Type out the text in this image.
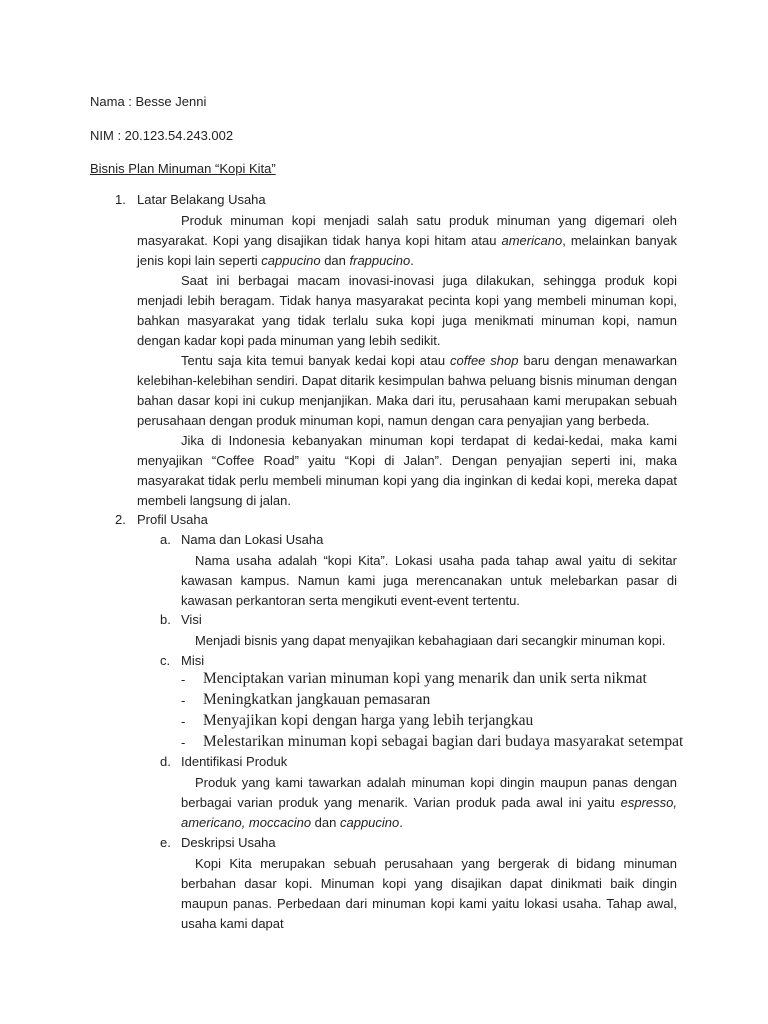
Nama : Besse Jenni
NIM : 20.123.54.243.002
Bisnis Plan Minuman “Kopi Kita”
1. Latar Belakang Usaha

Produk minuman kopi menjadi salah satu produk minuman yang digemari oleh masyarakat. Kopi yang disajikan tidak hanya kopi hitam atau americano, melainkan banyak jenis kopi lain seperti cappucino dan frappucino.

Saat ini berbagai macam inovasi-inovasi juga dilakukan, sehingga produk kopi menjadi lebih beragam. Tidak hanya masyarakat pecinta kopi yang membeli minuman kopi, bahkan masyarakat yang tidak terlalu suka kopi juga menikmati minuman kopi, namun dengan kadar kopi pada minuman yang lebih sedikit.

Tentu saja kita temui banyak kedai kopi atau coffee shop baru dengan menawarkan kelebihan-kelebihan sendiri. Dapat ditarik kesimpulan bahwa peluang bisnis minuman dengan bahan dasar kopi ini cukup menjanjikan. Maka dari itu, perusahaan kami merupakan sebuah perusahaan dengan produk minuman kopi, namun dengan cara penyajian yang berbeda.

Jika di Indonesia kebanyakan minuman kopi terdapat di kedai-kedai, maka kami menyajikan “Coffee Road” yaitu “Kopi di Jalan”. Dengan penyajian seperti ini, maka masyarakat tidak perlu membeli minuman kopi yang dia inginkan di kedai kopi, mereka dapat membeli langsung di jalan.

2. Profil Usaha
a. Nama dan Lokasi Usaha

Nama usaha adalah “kopi Kita”. Lokasi usaha pada tahap awal yaitu di sekitar kawasan kampus. Namun kami juga merencanakan untuk melebarkan pasar di kawasan perkantoran serta mengikuti event-event tertentu.

b. Visi

Menjadi bisnis yang dapat menyajikan kebahagiaan dari secangkir minuman kopi.

c. Misi
- Menciptakan varian minuman kopi yang menarik dan unik serta nikmat
- Meningkatkan jangkauan pemasaran
- Menyajikan kopi dengan harga yang lebih terjangkau
- Melestarikan minuman kopi sebagai bagian dari budaya masyarakat setempat
d. Identifikasi Produk

Produk yang kami tawarkan adalah minuman kopi dingin maupun panas dengan berbagai varian produk yang menarik. Varian produk pada awal ini yaitu espresso, americano, moccacino dan cappucino.

e. Deskripsi Usaha

Kopi Kita merupakan sebuah perusahaan yang bergerak di bidang minuman berbahan dasar kopi. Minuman kopi yang disajikan dapat dinikmati baik dingin maupun panas. Perbedaan dari minuman kopi kami yaitu lokasi usaha. Tahap awal, usaha kami dapat
